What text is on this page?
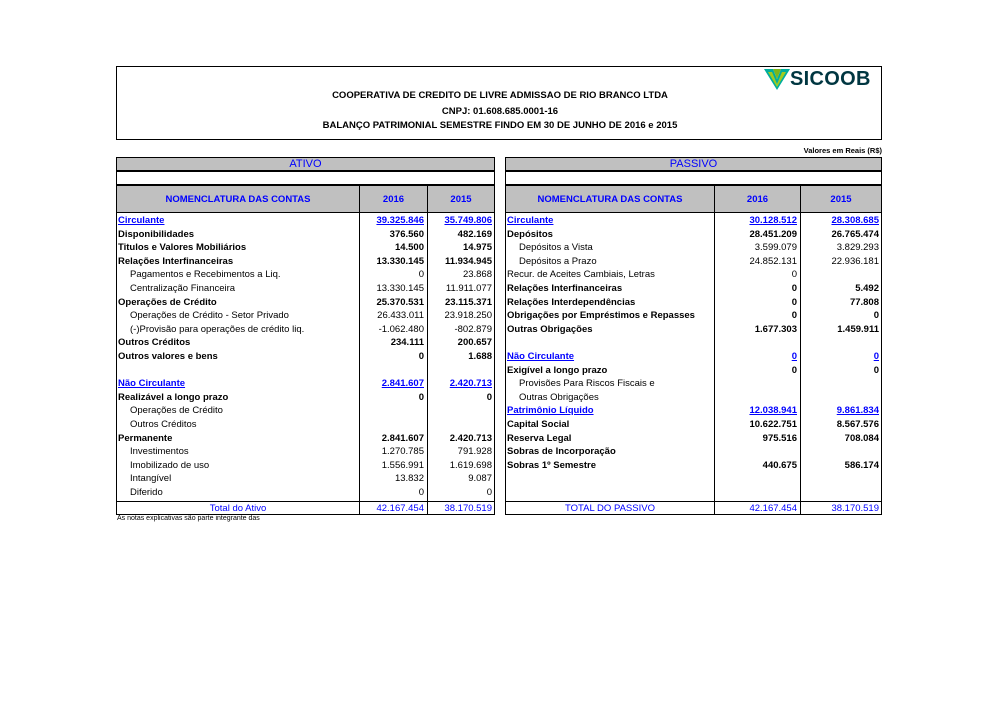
SICOOB
COOPERATIVA DE CREDITO DE LIVRE ADMISSAO DE RIO BRANCO LTDA
CNPJ: 01.608.685.0001-16
BALANÇO PATRIMONIAL SEMESTRE FINDO EM 30 DE JUNHO DE 2016 e 2015
Valores em Reais (R$)
ATIVO
NOMENCLATURA DAS CONTAS	2016	2015
Circulante	39.325.846	35.749.806
Disponibilidades	376.560	482.169
Titulos e Valores Mobiliários	14.500	14.975
Relações Interfinanceiras	13.330.145	11.934.945
Pagamentos e Recebimentos a Liq.	0	23.868
Centralização Financeira	13.330.145	11.911.077
Operações de Crédito	25.370.531	23.115.371
Operações de Crédito - Setor Privado	26.433.011	23.918.250
(-)Provisão para operações de crédito liq.	-1.062.480	-802.879
Outros Créditos	234.111	200.657
Outros valores e bens	0	1.688
Não Circulante	2.841.607	2.420.713
Realizável a longo prazo	0	0
Operações de Crédito
Outros Créditos
Permanente	2.841.607	2.420.713
Investimentos	1.270.785	791.928
Imobilizado de uso	1.556.991	1.619.698
Intangível	13.832	9.087
Diferido	0	0
Total do Ativo	42.167.454	38.170.519
PASSIVO
NOMENCLATURA DAS CONTAS	2016	2015
Circulante	30.128.512	28.308.685
Depósitos	28.451.209	26.765.474
Depósitos a Vista	3.599.079	3.829.293
Depósitos a Prazo	24.852.131	22.936.181
Recur. de Aceites Cambiais, Letras	0
Relações Interfinanceiras	0	5.492
Relações Interdependências	0	77.808
Obrigações por Empréstimos e Repasses	0	0
Outras Obrigações	1.677.303	1.459.911
Não Circulante	0	0
Exigível a longo prazo	0	0
Provisões Para Riscos Fiscais e
Outras Obrigações
Patrimônio Líquido	12.038.941	9.861.834
Capital Social	10.622.751	8.567.576
Reserva Legal	975.516	708.084
Sobras de Incorporação
Sobras 1º Semestre	440.675	586.174
TOTAL DO PASSIVO	42.167.454	38.170.519
As notas explicativas são parte integrante das
